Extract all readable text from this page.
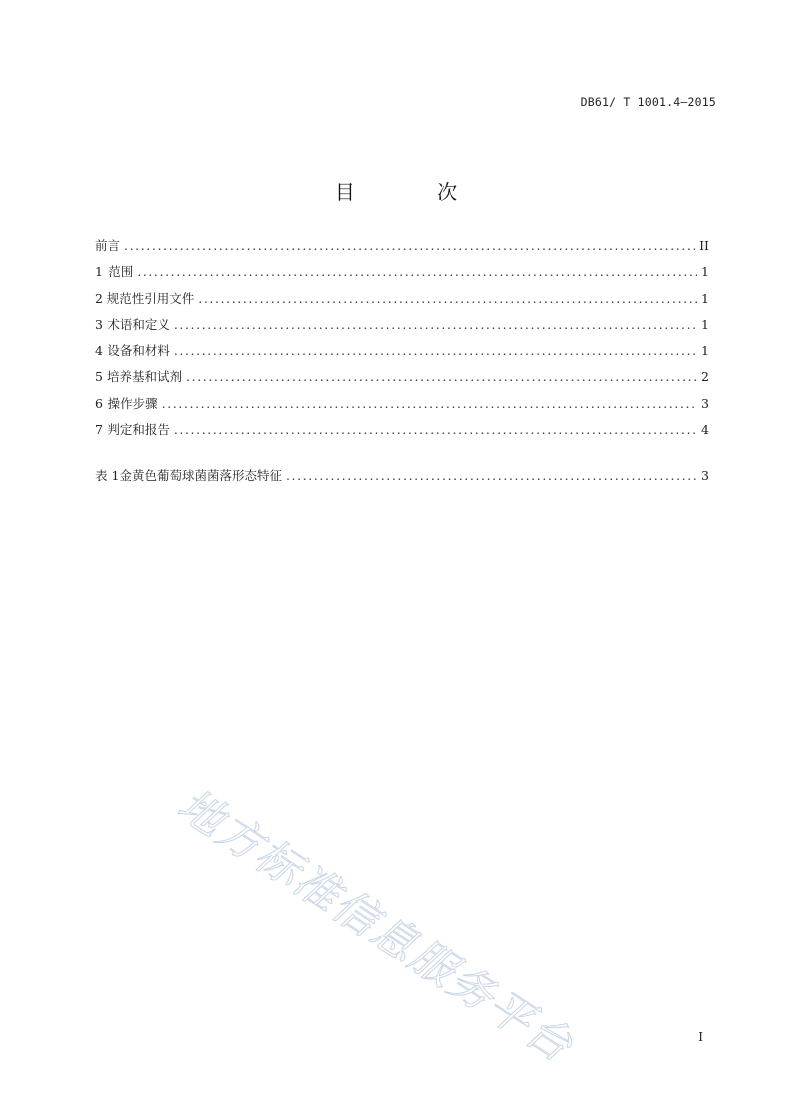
DB61/ T 1001.4—2015
目 次
前言 .....	II
1 范围 .....	1
2 规范性引用文件 .....	1
3 术语和定义 .....	1
4 设备和材料 .....	1
5 培养基和试剂 .....	2
6 操作步骤 .....	3
7 判定和报告 .....	4
表 1 金黄色葡萄球菌菌落形态特征 .....	3
地方标准信息服务平台	I
